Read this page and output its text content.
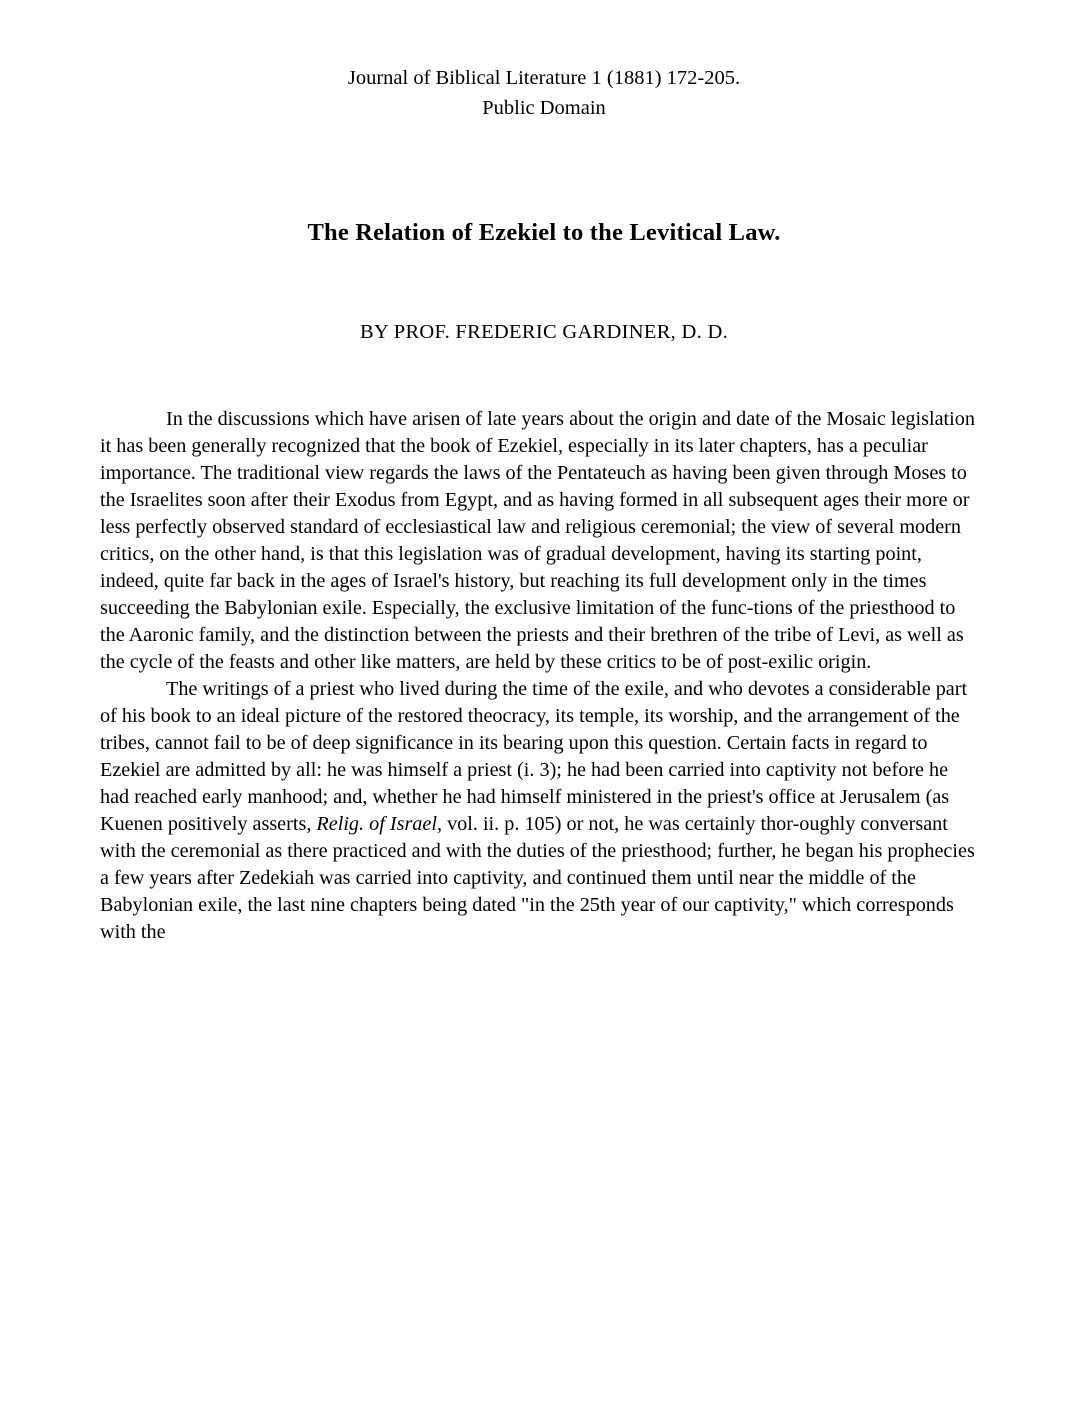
Journal of Biblical Literature 1 (1881) 172-205.
Public Domain
The Relation of Ezekiel to the Levitical Law.
BY PROF. FREDERIC GARDINER, D. D.

In the discussions which have arisen of late years about the origin and date of the Mosaic legislation it has been generally recognized that the book of Ezekiel, especially in its later chapters, has a peculiar importance. The traditional view regards the laws of the Pentateuch as having been given through Moses to the Israelites soon after their Exodus from Egypt, and as having formed in all subsequent ages their more or less perfectly observed standard of ecclesiastical law and religious ceremonial; the view of several modern critics, on the other hand, is that this legislation was of gradual development, having its starting point, indeed, quite far back in the ages of Israel's history, but reaching its full development only in the times succeeding the Babylonian exile. Especially, the exclusive limitation of the func-tions of the priesthood to the Aaronic family, and the distinction between the priests and their brethren of the tribe of Levi, as well as the cycle of the feasts and other like matters, are held by these critics to be of post-exilic origin.

The writings of a priest who lived during the time of the exile, and who devotes a considerable part of his book to an ideal picture of the restored theocracy, its temple, its worship, and the arrangement of the tribes, cannot fail to be of deep significance in its bearing upon this question. Certain facts in regard to Ezekiel are admitted by all: he was himself a priest (i. 3); he had been carried into captivity not before he had reached early manhood; and, whether he had himself ministered in the priest's office at Jerusalem (as Kuenen positively asserts, Relig. of Israel, vol. ii. p. 105) or not, he was certainly thor-oughly conversant with the ceremonial as there practiced and with the duties of the priesthood; further, he began his prophecies a few years after Zedekiah was carried into captivity, and continued them until near the middle of the Babylonian exile, the last nine chapters being dated "in the 25th year of our captivity," which corresponds with the
